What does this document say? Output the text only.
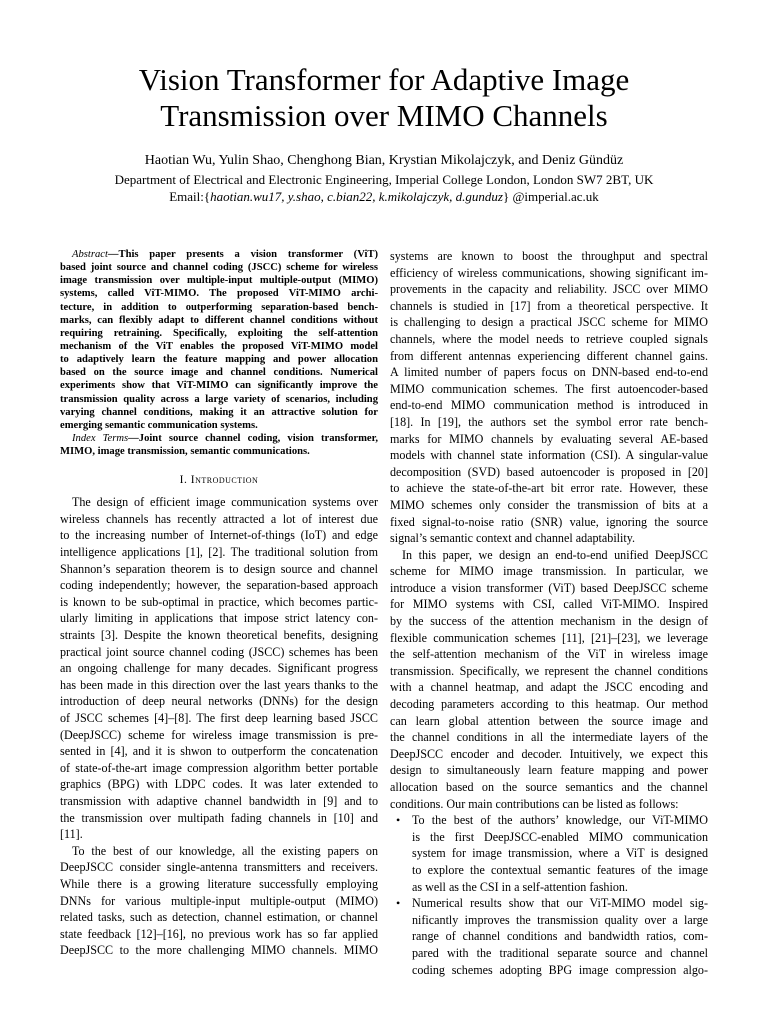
Vision Transformer for Adaptive Image
Transmission over MIMO Channels
Haotian Wu, Yulin Shao, Chenghong Bian, Krystian Mikolajczyk, and Deniz Gündüz
Department of Electrical and Electronic Engineering, Imperial College London, London SW7 2BT, UK
Email:{haotian.wu17, y.shao, c.bian22, k.mikolajczyk, d.gunduz} @imperial.ac.uk
Abstract—This paper presents a vision transformer (ViT)
based joint source and channel coding (JSCC) scheme for wireless
image transmission over multiple-input multiple-output (MIMO)
systems, called ViT-MIMO. The proposed ViT-MIMO archi-
tecture, in addition to outperforming separation-based bench-
marks, can flexibly adapt to different channel conditions without
requiring retraining. Specifically, exploiting the self-attention
mechanism of the ViT enables the proposed ViT-MIMO model
to adaptively learn the feature mapping and power allocation
based on the source image and channel conditions. Numerical
experiments show that ViT-MIMO can significantly improve the
transmission quality across a large variety of scenarios, including
varying channel conditions, making it an attractive solution for
emerging semantic communication systems.
Index Terms—Joint source channel coding, vision transformer,
MIMO, image transmission, semantic communications.
I. Introduction
The design of efficient image communication systems over
wireless channels has recently attracted a lot of interest due
to the increasing number of Internet-of-things (IoT) and edge
intelligence applications [1], [2]. The traditional solution from
Shannon’s separation theorem is to design source and channel
coding independently; however, the separation-based approach
is known to be sub-optimal in practice, which becomes partic-
ularly limiting in applications that impose strict latency con-
straints [3]. Despite the known theoretical benefits, designing
practical joint source channel coding (JSCC) schemes has been
an ongoing challenge for many decades. Significant progress
has been made in this direction over the last years thanks to the
introduction of deep neural networks (DNNs) for the design
of JSCC schemes [4]–[8]. The first deep learning based JSCC
(DeepJSCC) scheme for wireless image transmission is pre-
sented in [4], and it is shwon to outperform the concatenation
of state-of-the-art image compression algorithm better portable
graphics (BPG) with LDPC codes. It was later extended to
transmission with adaptive channel bandwidth in [9] and to
the transmission over multipath fading channels in [10] and
[11].
To the best of our knowledge, all the existing papers on
DeepJSCC consider single-antenna transmitters and receivers.
While there is a growing literature successfully employing
DNNs for various multiple-input multiple-output (MIMO)
related tasks, such as detection, channel estimation, or channel
state feedback [12]–[16], no previous work has so far applied
DeepJSCC to the more challenging MIMO channels. MIMO
systems are known to boost the throughput and spectral
efficiency of wireless communications, showing significant im-
provements in the capacity and reliability. JSCC over MIMO
channels is studied in [17] from a theoretical perspective. It
is challenging to design a practical JSCC scheme for MIMO
channels, where the model needs to retrieve coupled signals
from different antennas experiencing different channel gains.
A limited number of papers focus on DNN-based end-to-end
MIMO communication schemes. The first autoencoder-based
end-to-end MIMO communication method is introduced in
[18]. In [19], the authors set the symbol error rate bench-
marks for MIMO channels by evaluating several AE-based
models with channel state information (CSI). A singular-value
decomposition (SVD) based autoencoder is proposed in [20]
to achieve the state-of-the-art bit error rate. However, these
MIMO schemes only consider the transmission of bits at a
fixed signal-to-noise ratio (SNR) value, ignoring the source
signal’s semantic context and channel adaptability.
In this paper, we design an end-to-end unified DeepJSCC
scheme for MIMO image transmission. In particular, we
introduce a vision transformer (ViT) based DeepJSCC scheme
for MIMO systems with CSI, called ViT-MIMO. Inspired
by the success of the attention mechanism in the design of
flexible communication schemes [11], [21]–[23], we leverage
the self-attention mechanism of the ViT in wireless image
transmission. Specifically, we represent the channel conditions
with a channel heatmap, and adapt the JSCC encoding and
decoding parameters according to this heatmap. Our method
can learn global attention between the source image and
the channel conditions in all the intermediate layers of the
DeepJSCC encoder and decoder. Intuitively, we expect this
design to simultaneously learn feature mapping and power
allocation based on the source semantics and the channel
conditions. Our main contributions can be listed as follows:
• To the best of the authors’ knowledge, our ViT-MIMO
is the first DeepJSCC-enabled MIMO communication
system for image transmission, where a ViT is designed
to explore the contextual semantic features of the image
as well as the CSI in a self-attention fashion.
• Numerical results show that our ViT-MIMO model sig-
nificantly improves the transmission quality over a large
range of channel conditions and bandwidth ratios, com-
pared with the traditional separate source and channel
coding schemes adopting BPG image compression algo-
